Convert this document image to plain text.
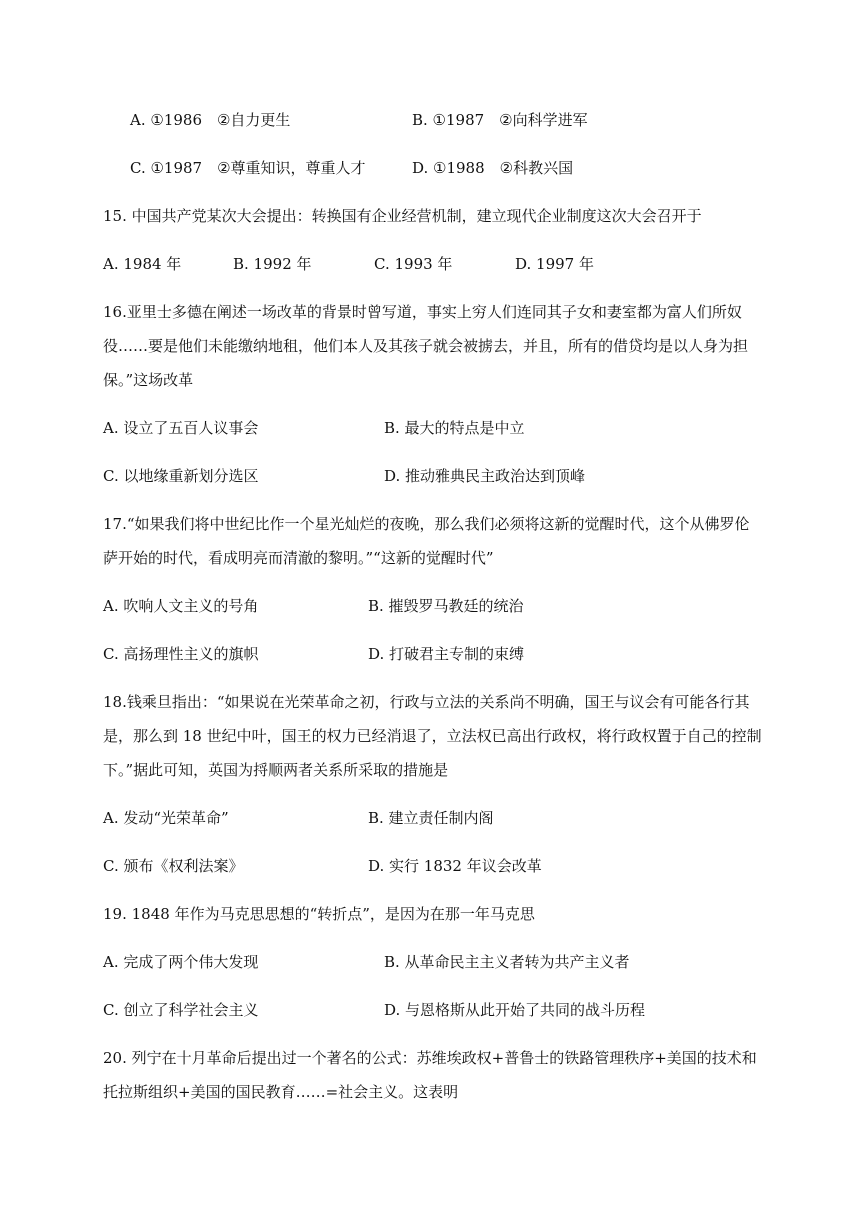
A. ①1986　②自力更生	B. ①1987　②向科学进军
C. ①1987　②尊重知识，尊重人才	D. ①1988　②科教兴国
15. 中国共产党某次大会提出：转换国有企业经营机制，建立现代企业制度这次大会召开于
A. 1984 年	B. 1992 年	C. 1993 年	D. 1997 年
16.亚里士多德在阐述一场改革的背景时曾写道，事实上穷人们连同其子女和妻室都为富人们所奴
役……要是他们未能缴纳地租，他们本人及其孩子就会被掳去，并且，所有的借贷均是以人身为担
保。”这场改革
A. 设立了五百人议事会	B. 最大的特点是中立
C. 以地缘重新划分选区	D. 推动雅典民主政治达到顶峰
17.“如果我们将中世纪比作一个星光灿烂的夜晚，那么我们必须将这新的觉醒时代，这个从佛罗伦
萨开始的时代，看成明亮而清澈的黎明。”“这新的觉醒时代”
A. 吹响人文主义的号角	B. 摧毁罗马教廷的统治
C. 高扬理性主义的旗帜	D. 打破君主专制的束缚
18.钱乘旦指出：“如果说在光荣革命之初，行政与立法的关系尚不明确，国王与议会有可能各行其
是，那么到 18 世纪中叶，国王的权力已经消退了，立法权已高出行政权，将行政权置于自己的控制
下。”据此可知，英国为捋顺两者关系所采取的措施是
A. 发动“光荣革命”	B. 建立责任制内阁
C. 颁布《权利法案》	D. 实行 1832 年议会改革
19. 1848 年作为马克思思想的“转折点”，是因为在那一年马克思
A. 完成了两个伟大发现	B. 从革命民主主义者转为共产主义者
C. 创立了科学社会主义	D. 与恩格斯从此开始了共同的战斗历程
20. 列宁在十月革命后提出过一个著名的公式：苏维埃政权+普鲁士的铁路管理秩序+美国的技术和
托拉斯组织+美国的国民教育……=社会主义。这表明
